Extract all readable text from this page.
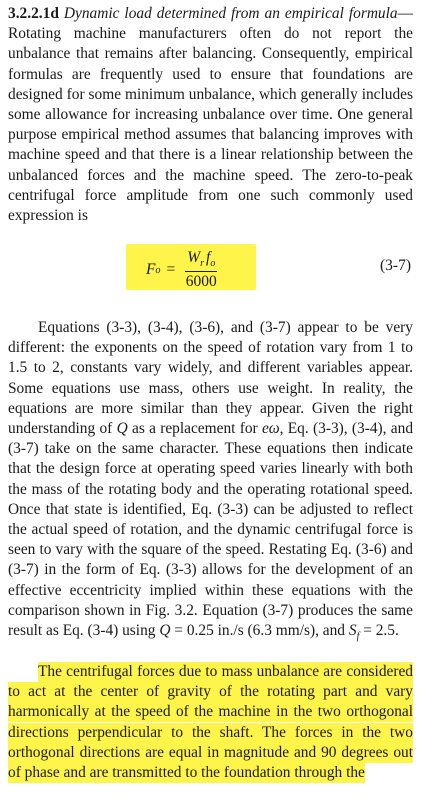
3.2.2.1d Dynamic load determined from an empirical formula—Rotating machine manufacturers often do not report the unbalance that remains after balancing. Consequently, empirical formulas are frequently used to ensure that foundations are designed for some minimum unbalance, which generally includes some allowance for increasing unbalance over time. One general purpose empirical method assumes that balancing improves with machine speed and that there is a linear relationship between the unbalanced forces and the machine speed. The zero-to-peak centrifugal force amplitude from one such commonly used expression is
F $o = \frac{W_r f_o}{6000}$	(3-7)
Equations (3-3), (3-4), (3-6), and (3-7) appear to be very different: the exponents on the speed of rotation vary from 1 to 1.5 to 2, constants vary widely, and different variables appear. Some equations use mass, others use weight. In reality, the equations are more similar than they appear. Given the right understanding of Q as a replacement for eω, Eq. (3-3), (3-4), and (3-7) take on the same character. These equations then indicate that the design force at operating speed varies linearly with both the mass of the rotating body and the operating rotational speed. Once that state is identified, Eq. (3-3) can be adjusted to reflect the actual speed of rotation, and the dynamic centrifugal force is seen to vary with the square of the speed. Restating Eq. (3-6) and (3-7) in the form of Eq. (3-3) allows for the development of an effective eccentricity implied within these equations with the comparison shown in Fig. 3.2. Equation (3-7) produces the same result as Eq. (3-4) using Q = 0.25 in./s (6.3 mm/s), and $S_f = 2.5$.
The centrifugal forces due to mass unbalance are considered to act at the center of gravity of the rotating part and vary harmonically at the speed of the machine in the two orthogonal directions perpendicular to the shaft. The forces in the two orthogonal directions are equal in magnitude and 90 degrees out of phase and are transmitted to the foundation through the
